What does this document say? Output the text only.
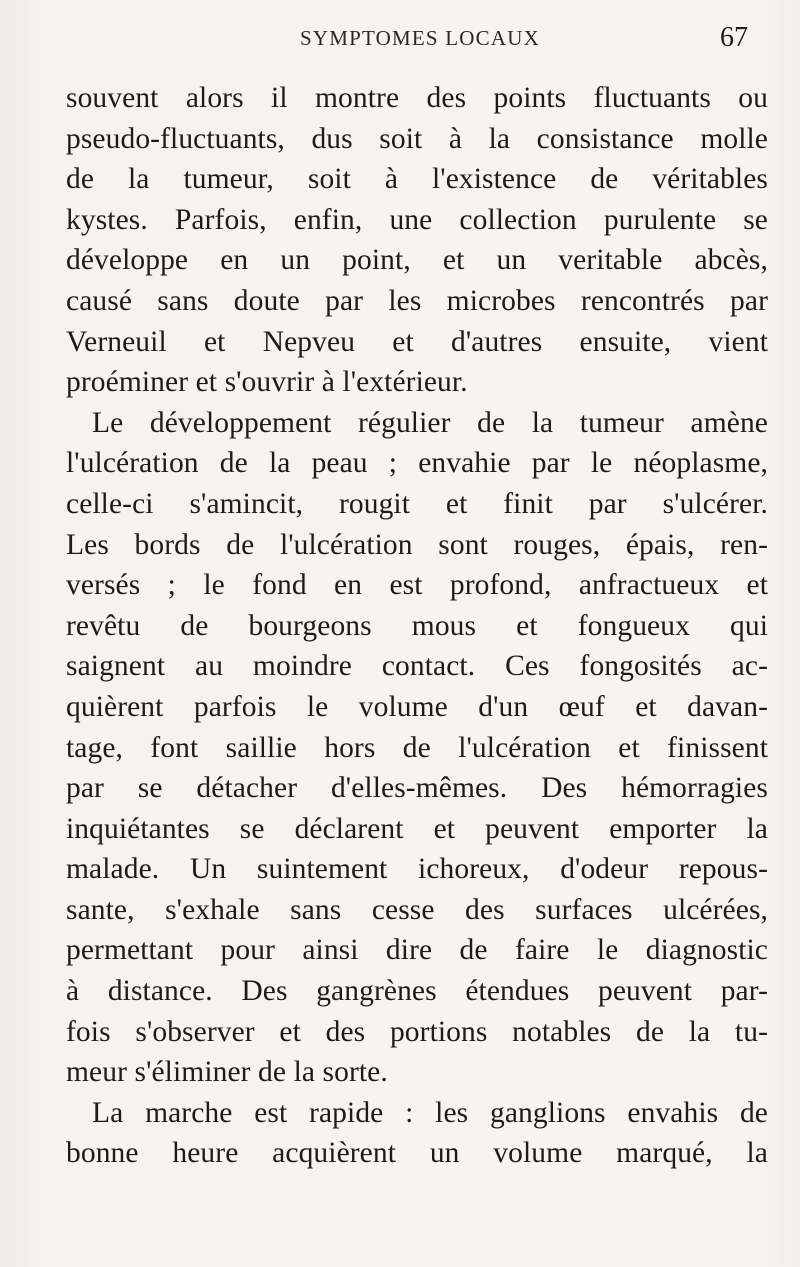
SYMPTOMES LOCAUX	67
souvent alors il montre des points fluctuants ou
pseudo-fluctuants, dus soit à la consistance molle
de la tumeur, soit à l'existence de véritables
kystes. Parfois, enfin, une collection purulente se
développe en un point, et un veritable abcès,
causé sans doute par les microbes rencontrés par
Verneuil et Nepveu et d'autres ensuite, vient
proéminer et s'ouvrir à l'extérieur.
Le développement régulier de la tumeur amène
l'ulcération de la peau ; envahie par le néoplasme,
celle-ci s'amincit, rougit et finit par s'ulcérer.
Les bords de l'ulcération sont rouges, épais, ren-
versés ; le fond en est profond, anfractueux et
revêtu de bourgeons mous et fongueux qui
saignent au moindre contact. Ces fongosités ac-
quièrent parfois le volume d'un œuf et davan-
tage, font saillie hors de l'ulcération et finissent
par se détacher d'elles-mêmes. Des hémorragies
inquiétantes se déclarent et peuvent emporter la
malade. Un suintement ichoreux, d'odeur repous-
sante, s'exhale sans cesse des surfaces ulcérées,
permettant pour ainsi dire de faire le diagnostic
à distance. Des gangrènes étendues peuvent par-
fois s'observer et des portions notables de la tu-
meur s'éliminer de la sorte.
La marche est rapide : les ganglions envahis de
bonne heure acquièrent un volume marqué, la
